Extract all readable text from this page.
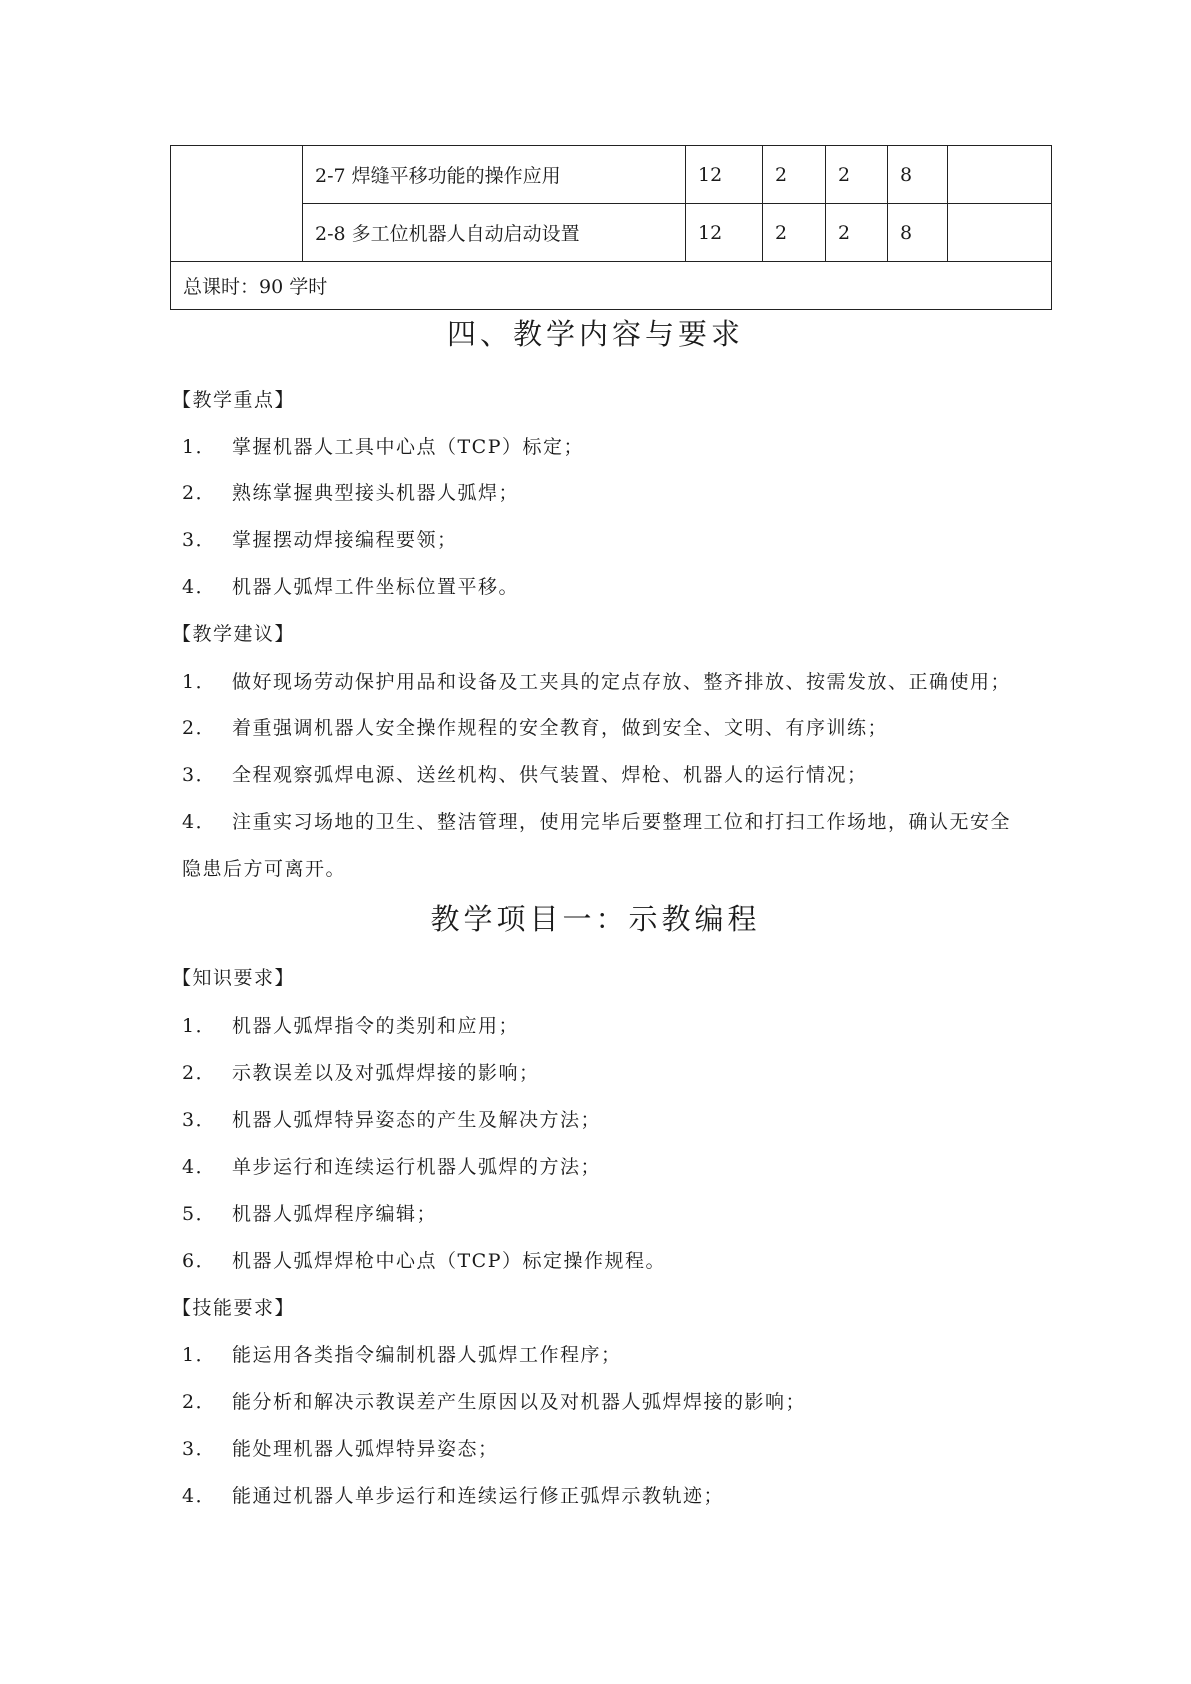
	2-7 焊缝平移功能的操作应用	12	2	2	8	
	2-8 多工位机器人自动启动设置	12	2	2	8	
总课时：90 学时						
四、教学内容与要求
【教学重点】
1． 掌握机器人工具中心点（TCP）标定；
2． 熟练掌握典型接头机器人弧焊；
3． 掌握摆动焊接编程要领；
4． 机器人弧焊工件坐标位置平移。
【教学建议】
1． 做好现场劳动保护用品和设备及工夹具的定点存放、整齐排放、按需发放、正确使用；
2． 着重强调机器人安全操作规程的安全教育，做到安全、文明、有序训练；
3． 全程观察弧焊电源、送丝机构、供气装置、焊枪、机器人的运行情况；
4． 注重实习场地的卫生、整洁管理，使用完毕后要整理工位和打扫工作场地，确认无安全
隐患后方可离开。
教学项目一：示教编程
【知识要求】
1． 机器人弧焊指令的类别和应用；
2． 示教误差以及对弧焊焊接的影响；
3． 机器人弧焊特异姿态的产生及解决方法；
4． 单步运行和连续运行机器人弧焊的方法；
5． 机器人弧焊程序编辑；
6． 机器人弧焊焊枪中心点（TCP）标定操作规程。
【技能要求】
1． 能运用各类指令编制机器人弧焊工作程序；
2． 能分析和解决示教误差产生原因以及对机器人弧焊焊接的影响；
3． 能处理机器人弧焊特异姿态；
4． 能通过机器人单步运行和连续运行修正弧焊示教轨迹；
